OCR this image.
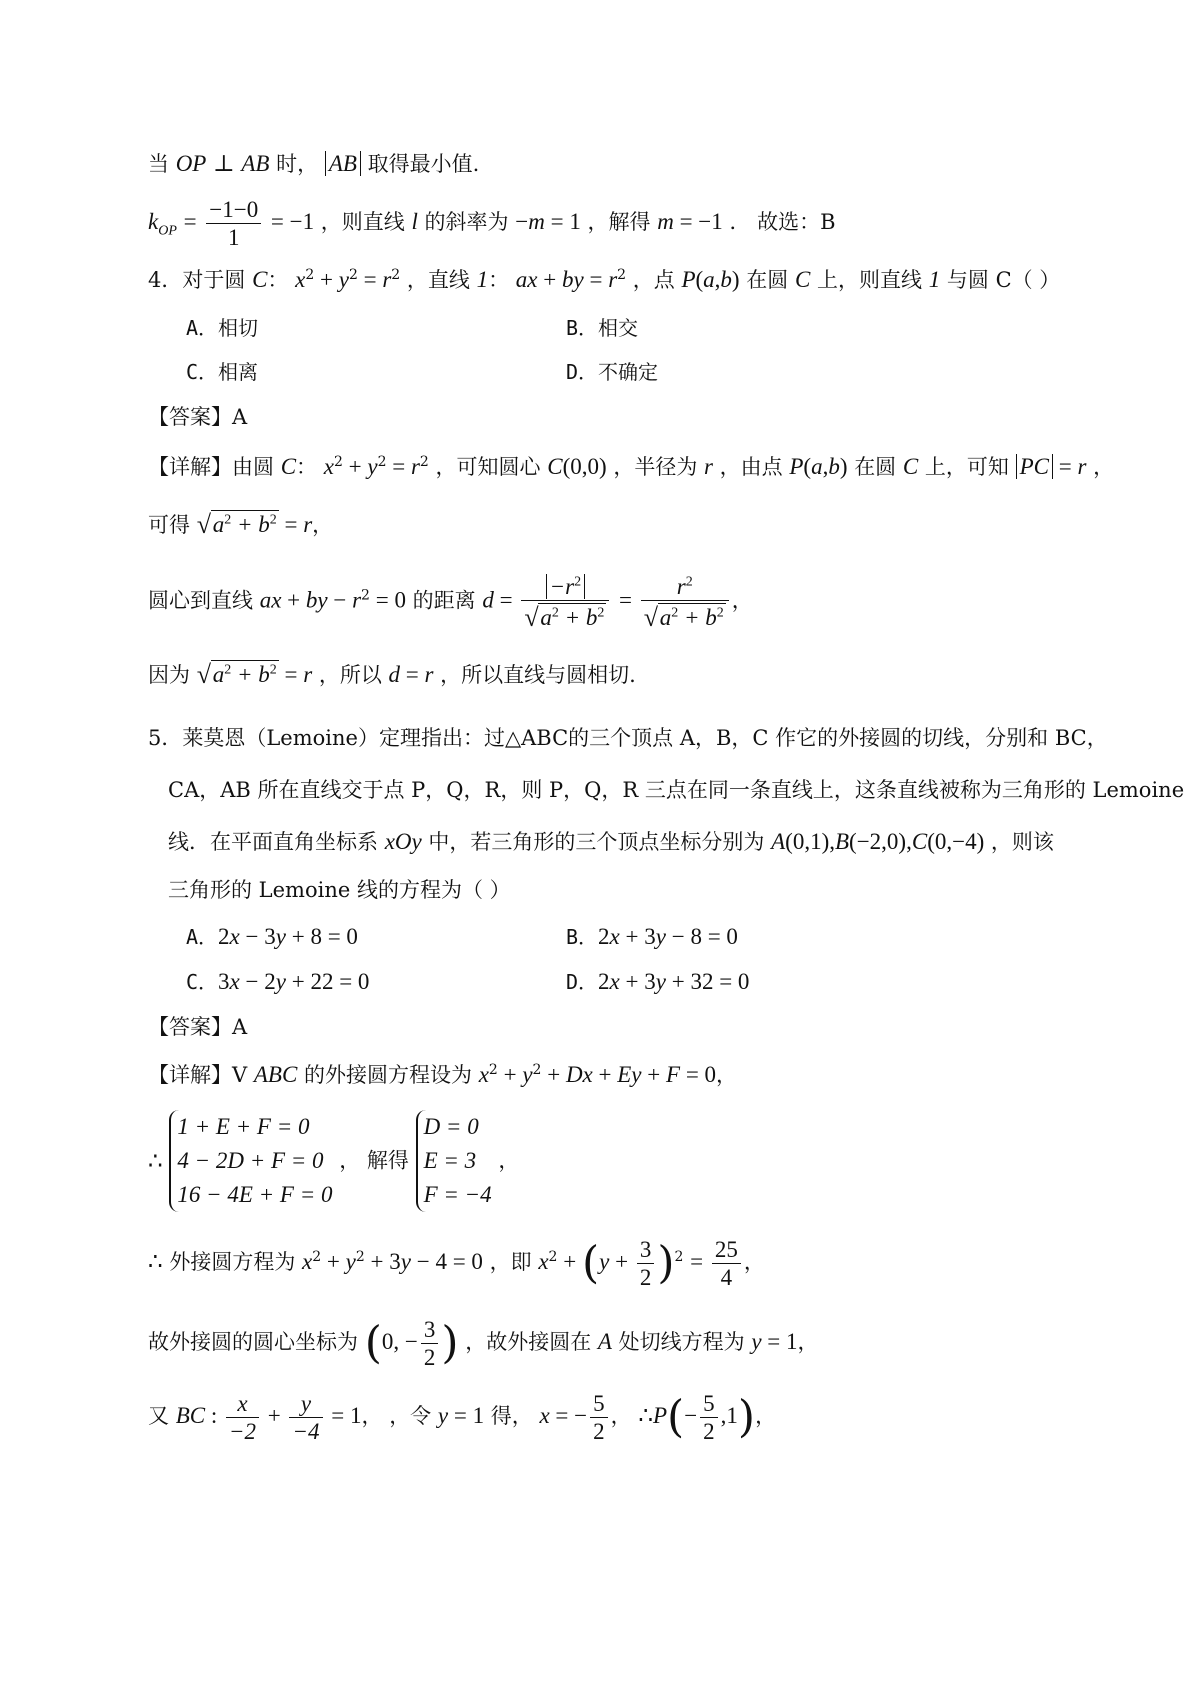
当 OP ⊥ AB 时， AB 取得最小值.
$k_{OP} = \frac{-1-0}{1} = -1$ ，则直线 l 的斜率为 −m = 1 ，解得 m = −1 ． 故选：B
4．对于圆 C： $x^2 + y^2 = r^2$ ，直线 1： ax + by = $r^2$ ，点 P(a,b) 在圆 C 上，则直线 1 与圆 C（ ）
A．相切	B．相交
C．相离	D．不确定
【答案】A
【详解】由圆 C： $x^2 + y^2 = r^2$ ，可知圆心 C(0,0) ，半径为 r ，由点 P(a,b) 在圆 C 上，可知 PC = r ，
可得 √ $a^2 + b^2 = r$，
圆心到直线 ax + by − $r^2 = 0$ 的距离 $d = \frac{-r^2}{√ a^2 + b^2} = \frac{r^2}{√ a^2 + b^2}$ ，
因为 √ $a^2 + b^2 = r$ ，所以 d = r ，所以直线与圆相切.
5．莱莫恩（Lemoine）定理指出：过△ABC的三个顶点 A，B，C 作它的外接圆的切线，分别和 BC，
CA，AB 所在直线交于点 P，Q，R，则 P，Q，R 三点在同一条直线上，这条直线被称为三角形的 Lemoine
线．在平面直角坐标系 xOy 中，若三角形的三个顶点坐标分别为 A(0,1),B(−2,0),C(0,−4) ，则该
三角形的 Lemoine 线的方程为（ ）
A．2x − 3y + 8 = 0	B．2x + 3y − 8 = 0
C．3x − 2y + 22 = 0	D．2x + 3y + 32 = 0
【答案】A
【详解】V ABC 的外接圆方程设为 $x^2 + y^2 + Dx + Ey + F = 0$，
∴
1 + E + F = 0
4 − 2D + F = 0
16 − 4E + F = 0
， 解得
D = 0
E = 3
F = −4
，
∴ 外接圆方程为 $x^2 + y^2 + 3y - 4 = 0$ ，即 $x^2 + (y + \frac{3}{2} )^2 = \frac{25}{4}$ ，
故外接圆的圆心坐标为 (0, − $\frac{3}{2}$ ) ，故外接圆在 A 处切线方程为 y = 1，
又 BC : $\frac{x}{-2} + \frac{y}{-4} = 1$， ，令 y = 1 得， x = − $\frac{5}{2}$ ， ∴P(− $\frac{5}{2} ,1$)，
